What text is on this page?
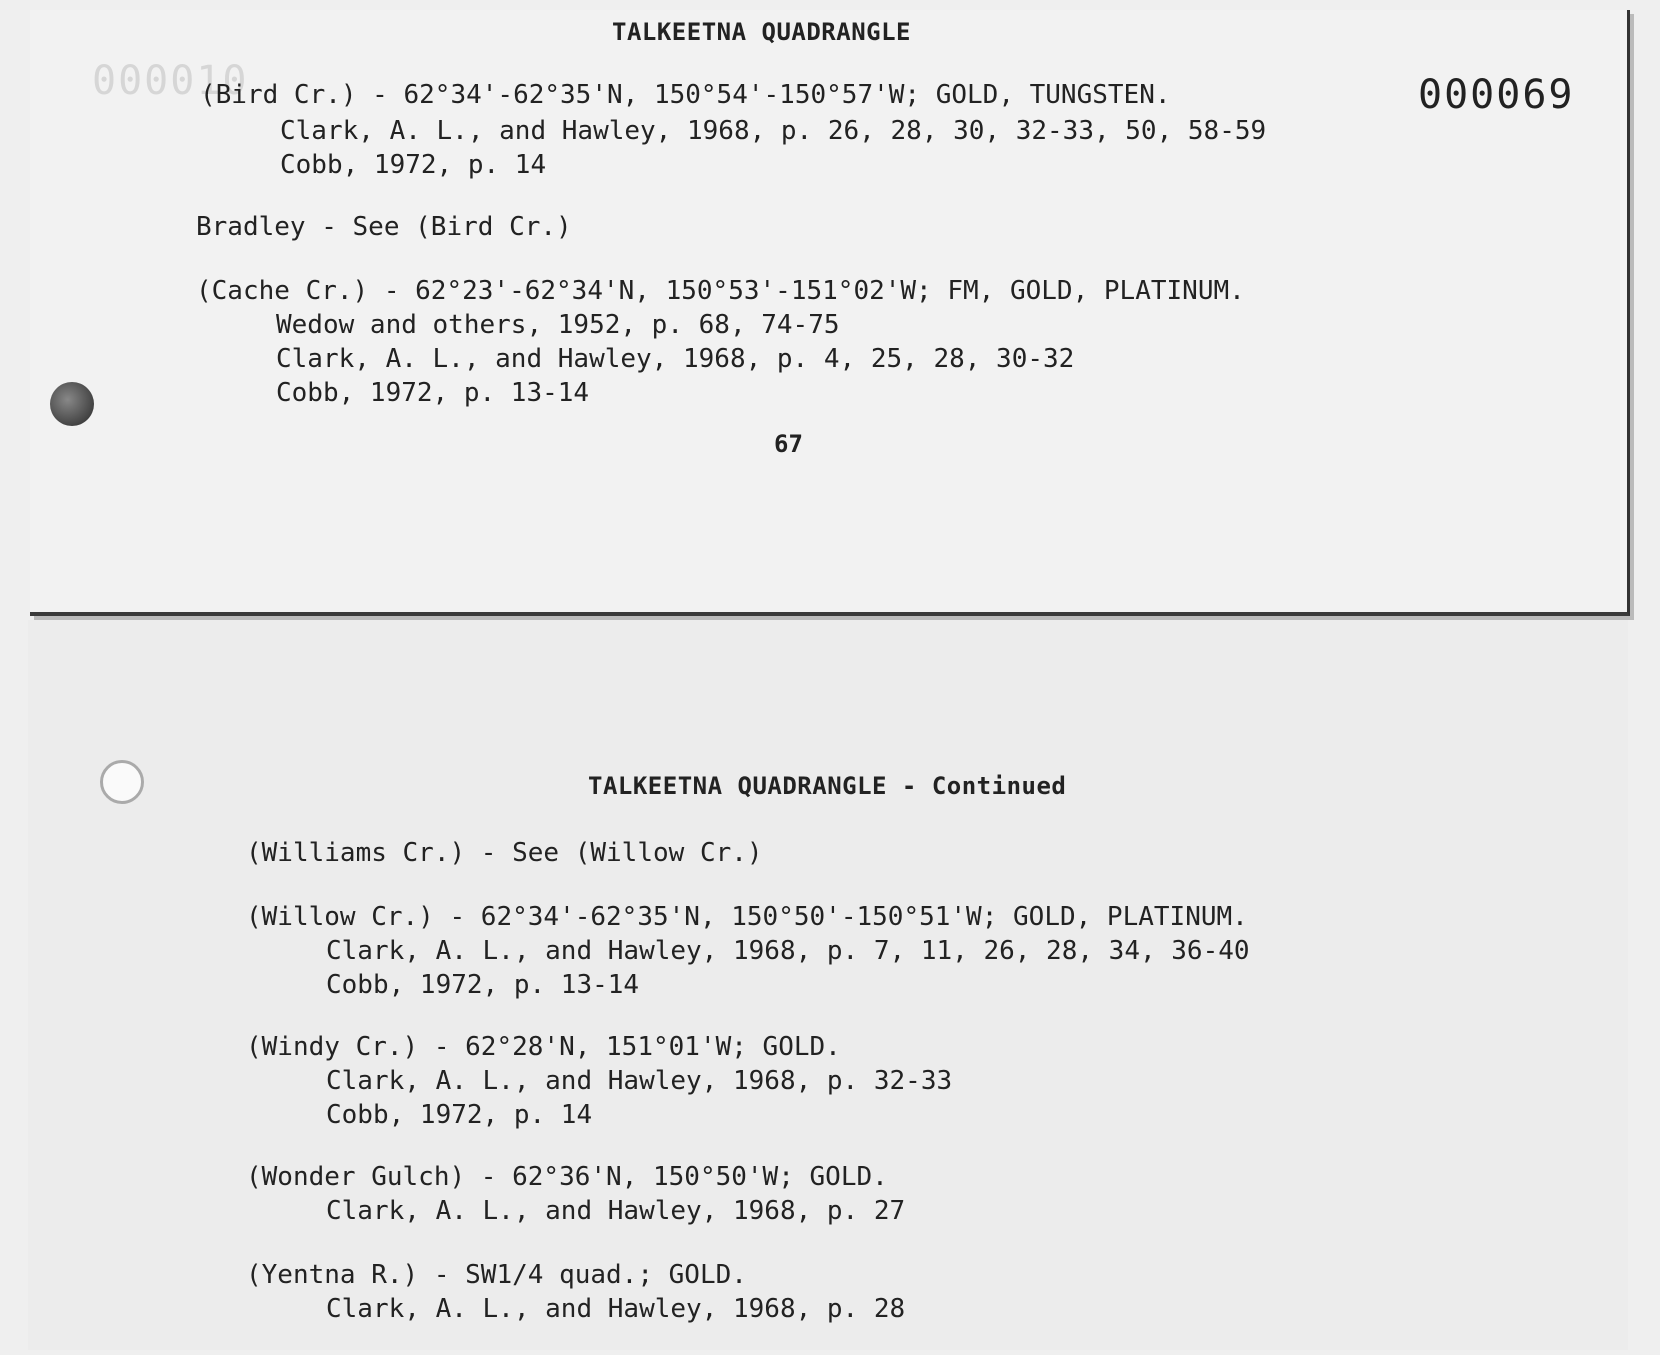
TALKEETNA QUADRANGLE
000010	000069
(Bird Cr.) - 62°34'-62°35'N, 150°54'-150°57'W; GOLD, TUNGSTEN.
Clark, A. L., and Hawley, 1968, p. 26, 28, 30, 32-33, 50, 58-59
Cobb, 1972, p. 14
Bradley - See (Bird Cr.)
(Cache Cr.) - 62°23'-62°34'N, 150°53'-151°02'W; FM, GOLD, PLATINUM.
Wedow and others, 1952, p. 68, 74-75
Clark, A. L., and Hawley, 1968, p. 4, 25, 28, 30-32
Cobb, 1972, p. 13-14
67
TALKEETNA QUADRANGLE - Continued
(Williams Cr.) - See (Willow Cr.)
(Willow Cr.) - 62°34'-62°35'N, 150°50'-150°51'W; GOLD, PLATINUM.
Clark, A. L., and Hawley, 1968, p. 7, 11, 26, 28, 34, 36-40
Cobb, 1972, p. 13-14
(Windy Cr.) - 62°28'N, 151°01'W; GOLD.
Clark, A. L., and Hawley, 1968, p. 32-33
Cobb, 1972, p. 14
(Wonder Gulch) - 62°36'N, 150°50'W; GOLD.
Clark, A. L., and Hawley, 1968, p. 27
(Yentna R.) - SW1/4 quad.; GOLD.
Clark, A. L., and Hawley, 1968, p. 28
